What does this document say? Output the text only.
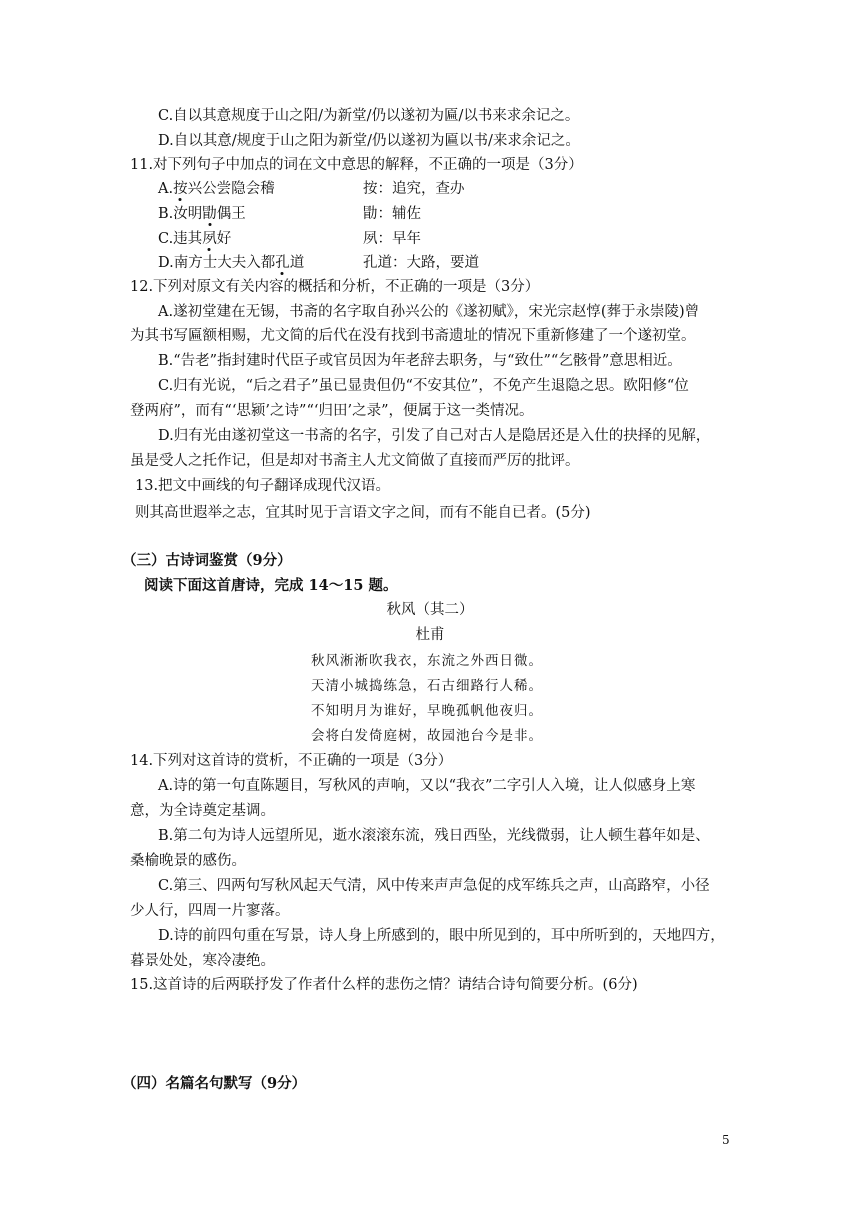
C.自以其意规度于山之阳/为新堂/仍以遂初为匾/以书来求余记之。
D.自以其意/规度于山之阳为新堂/仍以遂初为匾以书/来求余记之。
11.对下列句子中加点的词在文中意思的解释，不正确的一项是（3分）
A.按兴公尝隐会稽	按：追究，查办
B.汝明勖偶王	勖：辅佐
C.违其夙好	夙：早年
D.南方士大夫入都孔道	孔道：大路，要道
12.下列对原文有关内容的概括和分析，不正确的一项是（3分）
A.遂初堂建在无锡，书斋的名字取自孙兴公的《遂初赋》，宋光宗赵惇(葬于永崇陵)曾
为其书写匾额相赐，尤文简的后代在没有找到书斋遗址的情况下重新修建了一个遂初堂。
B.“告老”指封建时代臣子或官员因为年老辞去职务，与“致仕”“乞骸骨”意思相近。
C.归有光说，“后之君子”虽已显贵但仍“不安其位”，不免产生退隐之思。欧阳修“位
登两府”，而有“‘思颍’之诗”“‘归田’之录”，便属于这一类情况。
D.归有光由遂初堂这一书斋的名字，引发了自己对古人是隐居还是入仕的抉择的见解，
虽是受人之托作记，但是却对书斋主人尤文简做了直接而严厉的批评。
13.把文中画线的句子翻译成现代汉语。
则其高世遐举之志，宜其时见于言语文字之间，而有不能自已者。(5分)
（三）古诗词鉴赏（9分）
阅读下面这首唐诗，完成 14～15 题。
秋风（其二）
杜甫
秋风淅淅吹我衣，东流之外西日微。
天清小城捣练急，石古细路行人稀。
不知明月为谁好，早晚孤帆他夜归。
会将白发倚庭树，故园池台今是非。
14.下列对这首诗的赏析，不正确的一项是（3分）
A.诗的第一句直陈题目，写秋风的声响，又以“我衣”二字引人入境，让人似感身上寒
意，为全诗奠定基调。
B.第二句为诗人远望所见，逝水滚滚东流，残日西坠，光线微弱，让人顿生暮年如是、
桑榆晚景的感伤。
C.第三、四两句写秋风起天气清，风中传来声声急促的戍军练兵之声，山高路窄，小径
少人行，四周一片寥落。
D.诗的前四句重在写景，诗人身上所感到的，眼中所见到的，耳中所听到的，天地四方，
暮景处处，寒冷凄绝。
15.这首诗的后两联抒发了作者什么样的悲伤之情？请结合诗句简要分析。(6分)
（四）名篇名句默写（9分）
5
